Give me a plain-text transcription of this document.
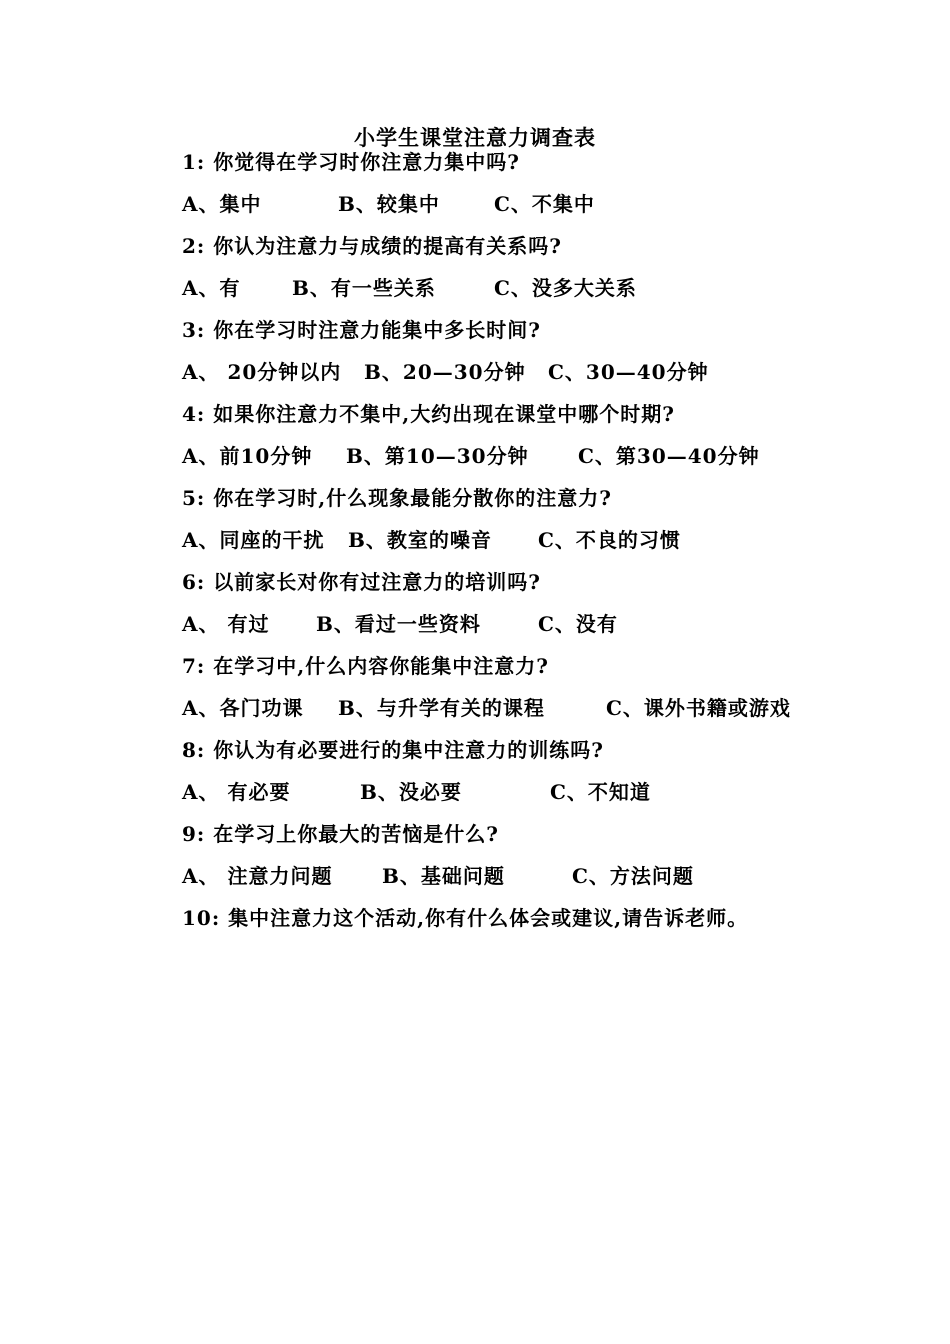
小学生课堂注意力调查表
1: 你觉得在学习时你注意力集中吗?
A、集中	B、较集中	C、不集中
2: 你认为注意力与成绩的提高有关系吗?
A、有	B、有一些关系	C、没多大关系
3: 你在学习时注意力能集中多长时间?
A、 20分钟以内 B、20—30分钟 C、30—40分钟
4: 如果你注意力不集中,大约出现在课堂中哪个时期?
A、前10分钟 B、第10—30分钟 C、第30—40分钟
5: 你在学习时,什么现象最能分散你的注意力?
A、同座的干扰 B、教室的噪音 C、不良的习惯
6: 以前家长对你有过注意力的培训吗?
A、 有过 B、看过一些资料	C、没有
7: 在学习中,什么内容你能集中注意力?
A、各门功课 B、与升学有关的课程	C、课外书籍或游戏
8: 你认为有必要进行的集中注意力的训练吗?
A、 有必要	B、没必要	C、不知道
9: 在学习上你最大的苦恼是什么?
A、 注意力问题 B、基础问题	C、方法问题
10: 集中注意力这个活动,你有什么体会或建议,请告诉老师。
